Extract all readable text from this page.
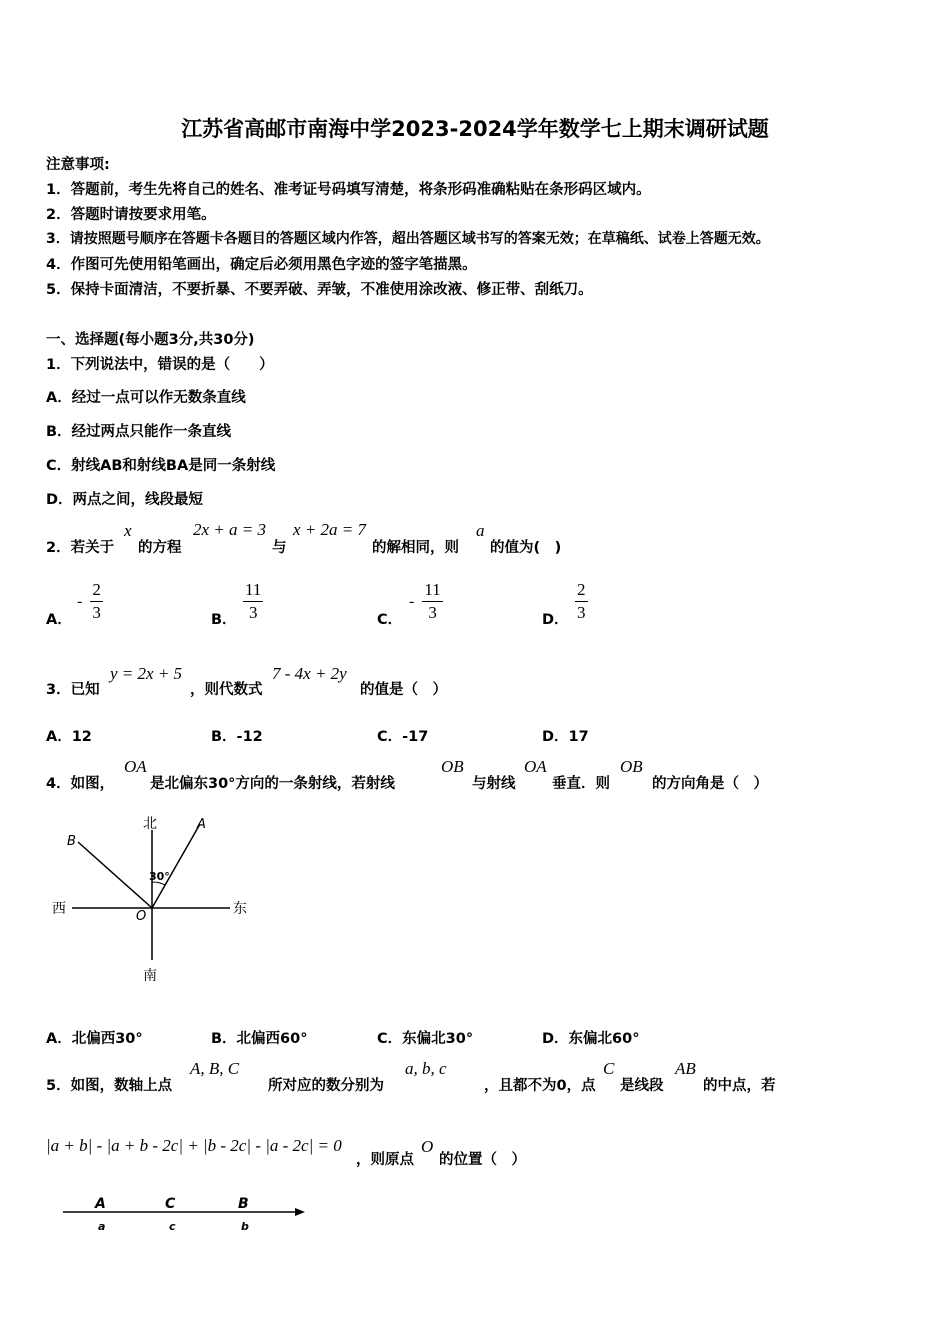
江苏省高邮市南海中学2023-2024学年数学七上期末调研试题
注意事项:
1．答题前，考生先将自己的姓名、准考证号码填写清楚，将条形码准确粘贴在条形码区域内。
2．答题时请按要求用笔。
3．请按照题号顺序在答题卡各题目的答题区域内作答，超出答题区域书写的答案无效；在草稿纸、试卷上答题无效。
4．作图可先使用铅笔画出，确定后必须用黑色字迹的签字笔描黑。
5．保持卡面清洁，不要折暴、不要弄破、弄皱，不准使用涂改液、修正带、刮纸刀。
一、选择题(每小题3分,共30分)
1．下列说法中，错误的是（　　）
A．经过一点可以作无数条直线
B．经过两点只能作一条直线
C．射线AB和射线BA是同一条射线
D．两点之间，线段最短
2．若关于
x
的方程
2x + a = 3
与
x + 2a = 7
的解相同，则
a
的值为(　)
A．
- $\frac{2}{3}$	B． $\frac{11}{3}$	C．
- $\frac{11}{3}$	D． $\frac{2}{3}$
3．已知
y = 2x + 5
，则代数式
7 - 4x + 2y
的值是（　）
A．12	B．-12	C．-17	D．17
4．如图，
OA
是北偏东30°方向的一条射线，若射线
OB
与射线
OA
垂直．则
OB
的方向角是（　）
北
南
西	东
A
B
O
30°
A．北偏西30°	B．北偏西60°	C．东偏北30°	D．东偏北60°
5．如图，数轴上点
A, B, C
所对应的数分别为
a, b, c
，且都不为0，点
C
是线段
AB
的中点，若
|a + b| - |a + b - 2c| + |b - 2c| - |a - 2c| = 0
，则原点
O
的位置（　）
A	C	B
a	c	b
